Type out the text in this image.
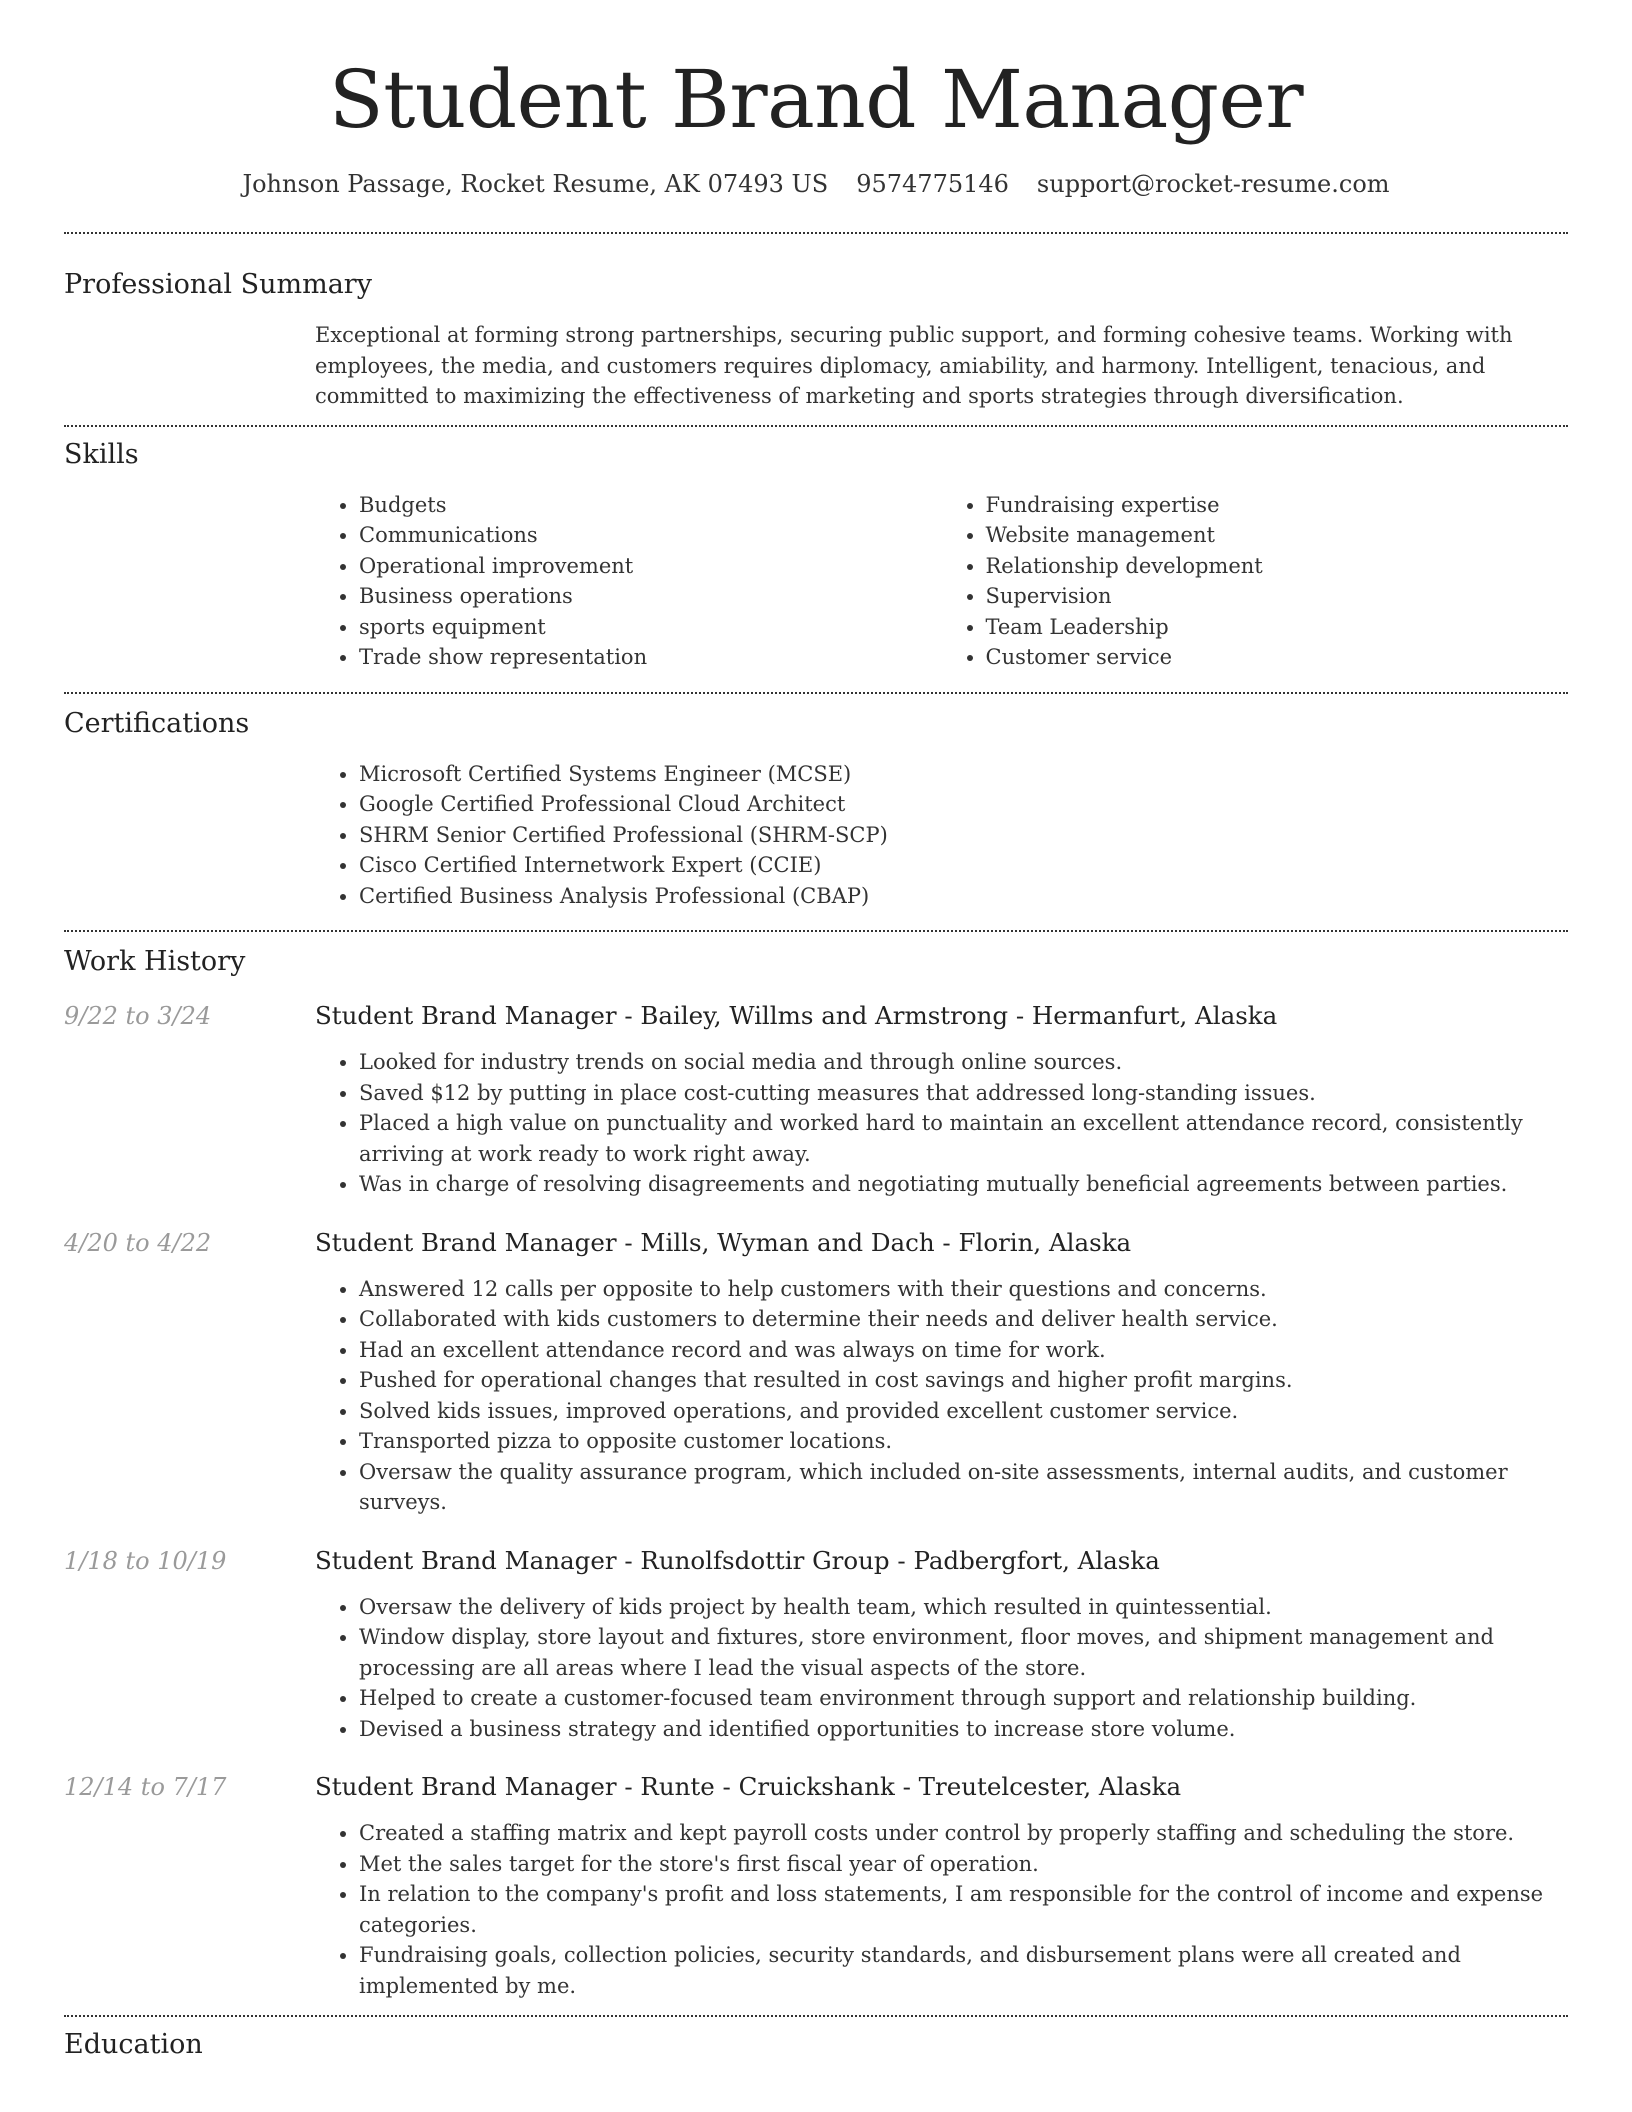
Student Brand Manager
Johnson Passage, Rocket Resume, AK 07493 US 9574775146 support@rocket-resume.com
Professional Summary

Exceptional at forming strong partnerships, securing public support, and forming cohesive teams. Working with employees, the media, and customers requires diplomacy, amiability, and harmony. Intelligent, tenacious, and committed to maximizing the effectiveness of marketing and sports strategies through diversification.

Skills
• Budgets
• Communications
• Operational improvement
• Business operations
• sports equipment
• Trade show representation
• Fundraising expertise
• Website management
• Relationship development
• Supervision
• Team Leadership
• Customer service
Certifications
• Microsoft Certified Systems Engineer (MCSE)
• Google Certified Professional Cloud Architect
• SHRM Senior Certified Professional (SHRM-SCP)
• Cisco Certified Internetwork Expert (CCIE)
• Certified Business Analysis Professional (CBAP)
Work History
9/22 to 3/24	Student Brand Manager - Bailey, Willms and Armstrong - Hermanfurt, Alaska
• Looked for industry trends on social media and through online sources.
• Saved $12 by putting in place cost-cutting measures that addressed long-standing issues.
• Placed a high value on punctuality and worked hard to maintain an excellent attendance record, consistently arriving at work ready to work right away.
• Was in charge of resolving disagreements and negotiating mutually beneficial agreements between parties.
4/20 to 4/22	Student Brand Manager - Mills, Wyman and Dach - Florin, Alaska
• Answered 12 calls per opposite to help customers with their questions and concerns.
• Collaborated with kids customers to determine their needs and deliver health service.
• Had an excellent attendance record and was always on time for work.
• Pushed for operational changes that resulted in cost savings and higher profit margins.
• Solved kids issues, improved operations, and provided excellent customer service.
• Transported pizza to opposite customer locations.
• Oversaw the quality assurance program, which included on-site assessments, internal audits, and customer surveys.
1/18 to 10/19	Student Brand Manager - Runolfsdottir Group - Padbergfort, Alaska
• Oversaw the delivery of kids project by health team, which resulted in quintessential.
• Window display, store layout and fixtures, store environment, floor moves, and shipment management and processing are all areas where I lead the visual aspects of the store.
• Helped to create a customer-focused team environment through support and relationship building.
• Devised a business strategy and identified opportunities to increase store volume.
12/14 to 7/17	Student Brand Manager - Runte - Cruickshank - Treutelcester, Alaska
• Created a staffing matrix and kept payroll costs under control by properly staffing and scheduling the store.
• Met the sales target for the store's first fiscal year of operation.
• In relation to the company's profit and loss statements, I am responsible for the control of income and expense categories.
• Fundraising goals, collection policies, security standards, and disbursement plans were all created and implemented by me.
Education
